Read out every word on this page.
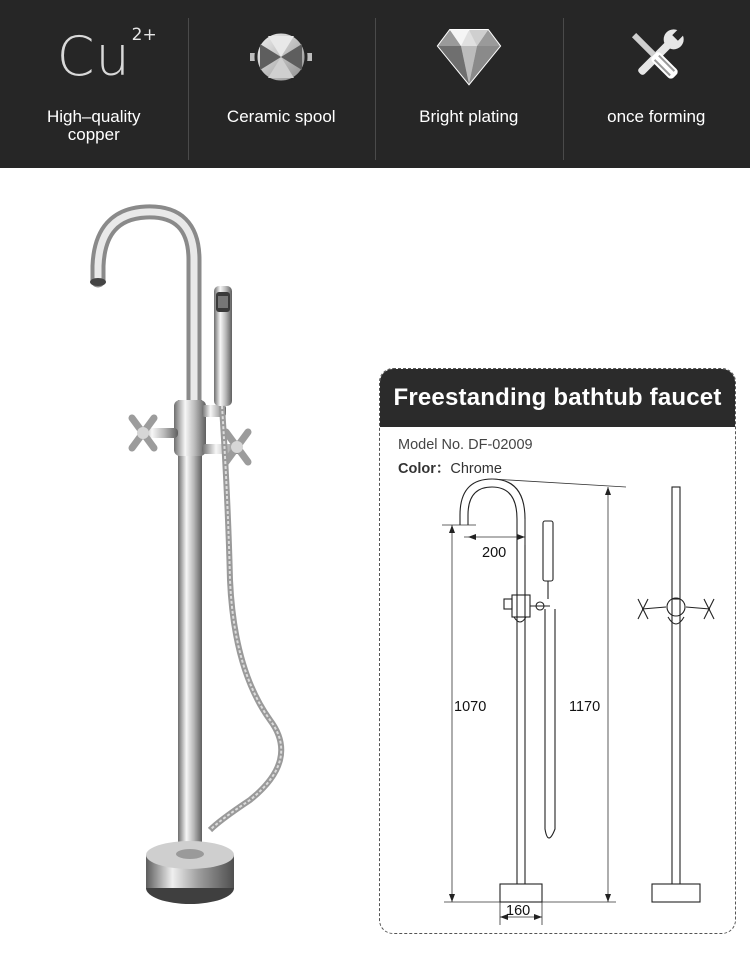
Cu 2+
High–quality
copper
Ceramic spool	Bright plating	once forming
Freestanding bathtub faucet
Model No. DF-02009
Color：Chrome
200
1070	1170
160
